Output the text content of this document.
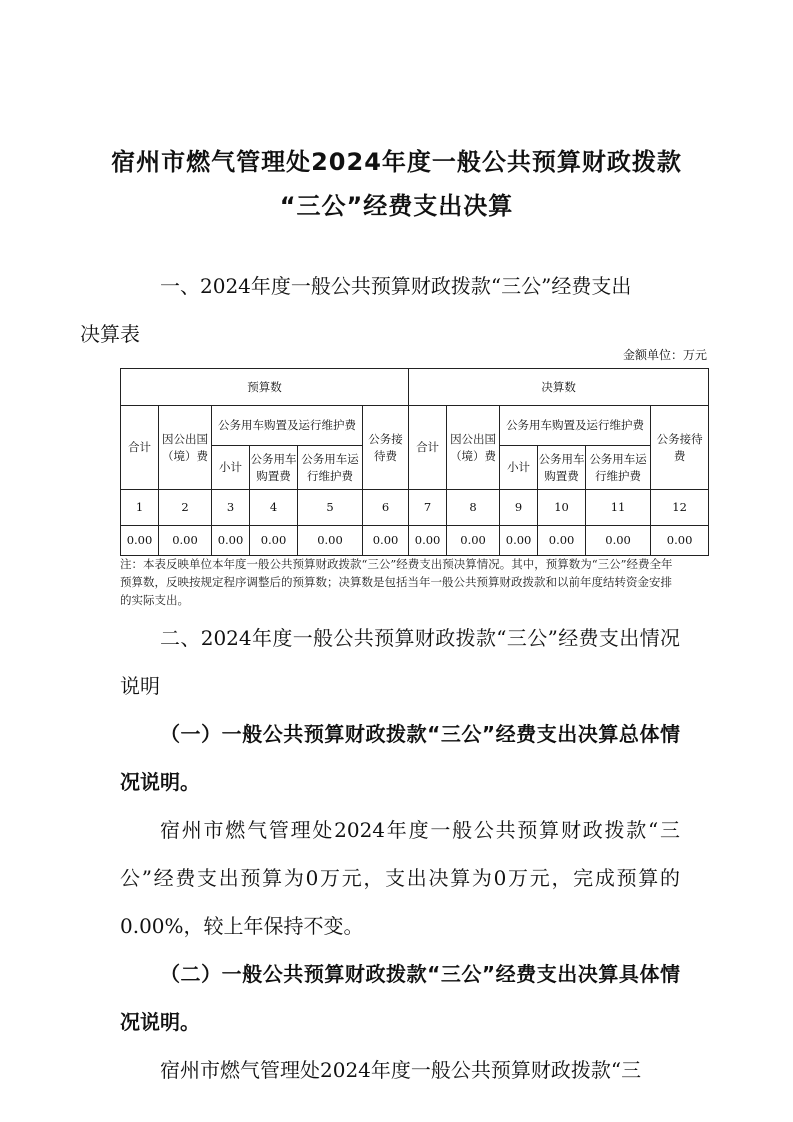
宿州市燃气管理处2024年度一般公共预算财政拨款
“三公”经费支出决算
一、2024年度一般公共预算财政拨款“三公”经费支出
决算表
金额单位：万元
预算数						决算数					
合计	因公出国（境）费	公务用车购置及运行维护费			公务接待费	合计	因公出国（境）费	公务用车购置及运行维护费			公务接待费
		小计	公务用车购置费	公务用车运行维护费				小计	公务用车购置费	公务用车运行维护费	
1	2	3	4	5	6	7	8	9	10	11	12
0.00	0.00	0.00	0.00	0.00	0.00	0.00	0.00	0.00	0.00	0.00	0.00
注：本表反映单位本年度一般公共预算财政拨款“三公”经费支出预决算情况。其中，预算数为“三公”经费全年预算数，反映按规定程序调整后的预算数；决算数是包括当年一般公共预算财政拨款和以前年度结转资金安排的实际支出。
二、2024年度一般公共预算财政拨款“三公”经费支出情况说明
（一）一般公共预算财政拨款“三公”经费支出决算总体情况说明。
宿州市燃气管理处2024年度一般公共预算财政拨款“三公”经费支出预算为0万元，支出决算为0万元，完成预算的0.00%，较上年保持不变。
（二）一般公共预算财政拨款“三公”经费支出决算具体情况说明。
宿州市燃气管理处2024年度一般公共预算财政拨款“三
